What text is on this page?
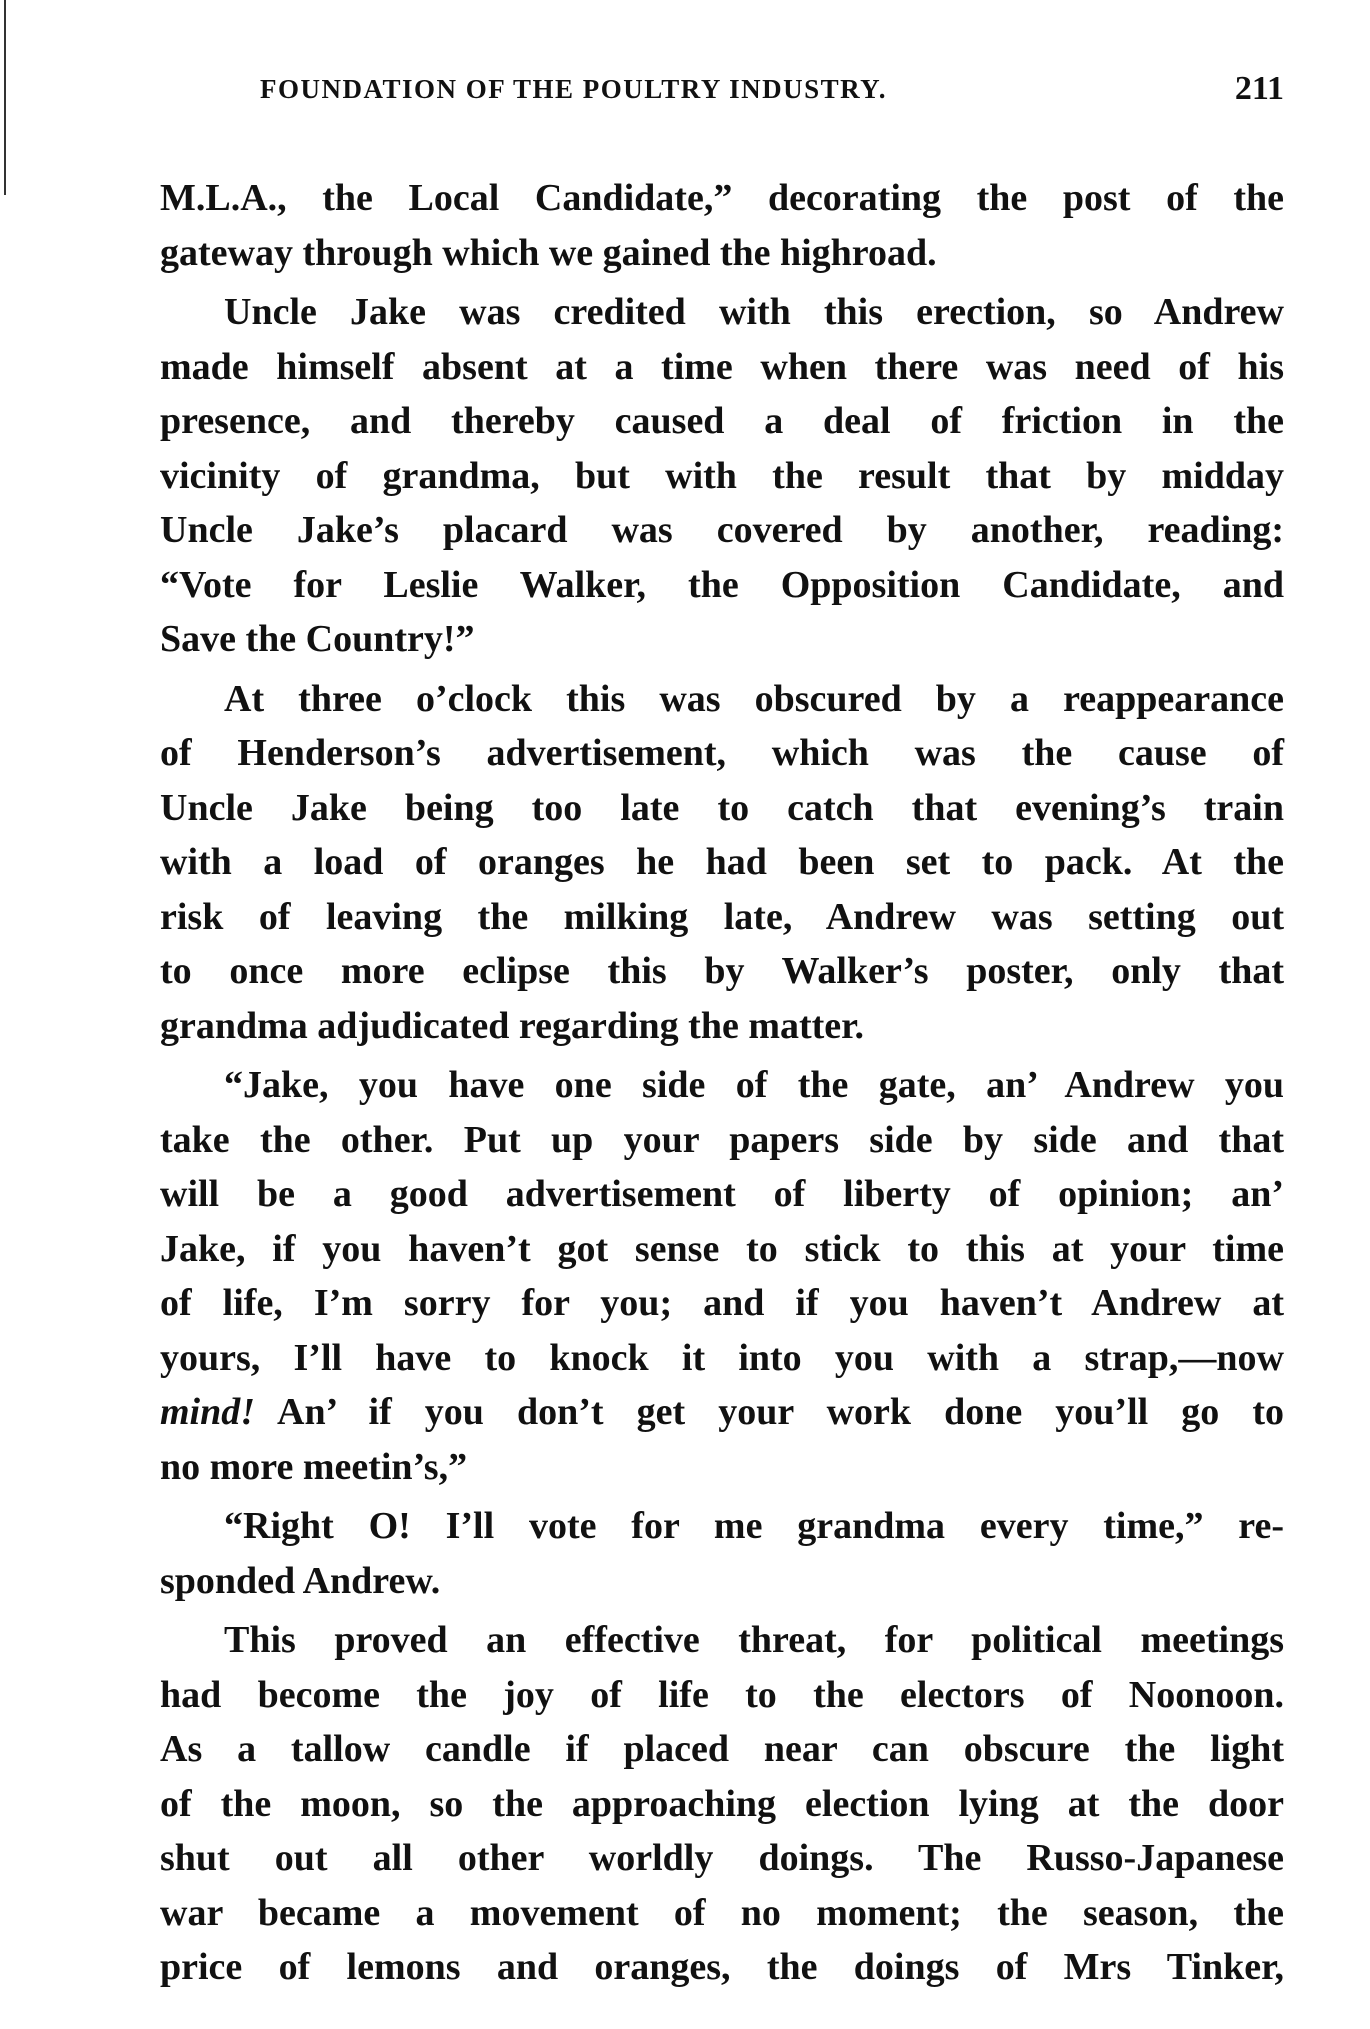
FOUNDATION OF THE POULTRY INDUSTRY.	211
M.L.A., the Local Candidate,” decorating the post of the
gateway through which we gained the highroad.
Uncle Jake was credited with this erection, so Andrew
made himself absent at a time when there was need of his
presence, and thereby caused a deal of friction in the
vicinity of grandma, but with the result that by midday
Uncle Jake’s placard was covered by another, reading:
“Vote for Leslie Walker, the Opposition Candidate, and
Save the Country!”
At three o’clock this was obscured by a reappearance
of Henderson’s advertisement, which was the cause of
Uncle Jake being too late to catch that evening’s train
with a load of oranges he had been set to pack. At the
risk of leaving the milking late, Andrew was setting out
to once more eclipse this by Walker’s poster, only that
grandma adjudicated regarding the matter.
“Jake, you have one side of the gate, an’ Andrew you
take the other. Put up your papers side by side and that
will be a good advertisement of liberty of opinion; an’
Jake, if you haven’t got sense to stick to this at your time
of life, I’m sorry for you; and if you haven’t Andrew at
yours, I’ll have to knock it into you with a strap,—now
mind! An’ if you don’t get your work done you’ll go to
no more meetin’s,”
“Right O! I’ll vote for me grandma every time,” re-
sponded Andrew.
This proved an effective threat, for political meetings
had become the joy of life to the electors of Noonoon.
As a tallow candle if placed near can obscure the light
of the moon, so the approaching election lying at the door
shut out all other worldly doings. The Russo-Japanese
war became a movement of no moment; the season, the
price of lemons and oranges, the doings of Mrs Tinker,
